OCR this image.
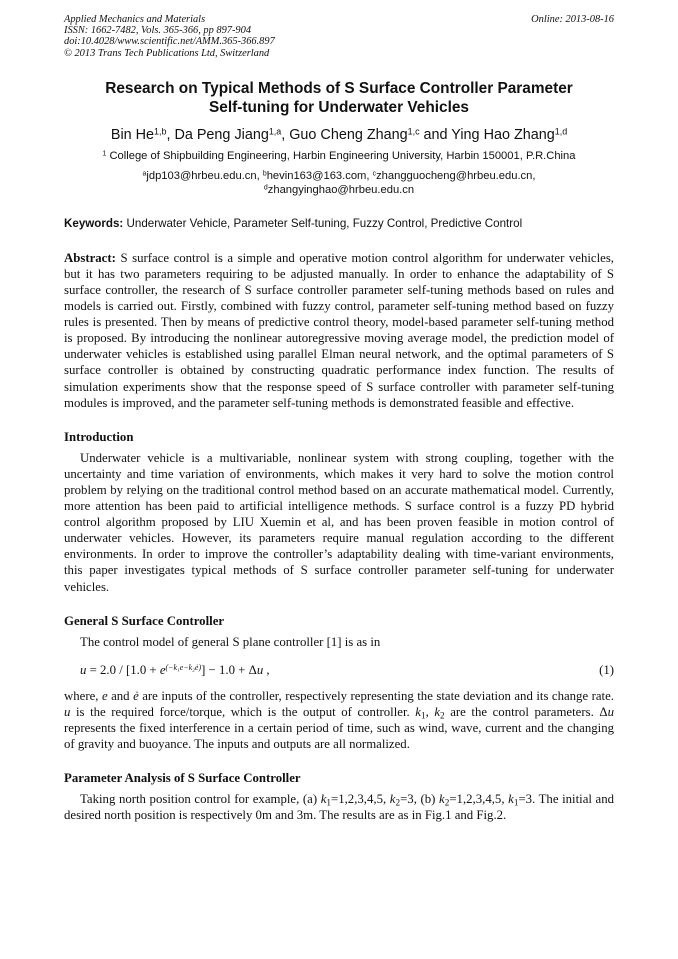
Applied Mechanics and Materials
ISSN: 1662-7482, Vols. 365-366, pp 897-904
doi:10.4028/www.scientific.net/AMM.365-366.897
© 2013 Trans Tech Publications Ltd, Switzerland
Online: 2013-08-16
Research on Typical Methods of S Surface Controller Parameter
Self-tuning for Underwater Vehicles
Bin He$^{1,b}$, Da Peng Jiang$^{1,a}$, Guo Cheng Zhang$^{1,c}$ and Ying Hao Zhang$^{1,d}$
$^1$ College of Shipbuilding Engineering, Harbin Engineering University, Harbin 150001, P.R.China
$^a$jdp103@hrbeu.edu.cn, $^b$hevin163@163.com, $^c$zhangguocheng@hrbeu.edu.cn,
$^d$zhangyinghao@hrbeu.edu.cn
Keywords: Underwater Vehicle, Parameter Self-tuning, Fuzzy Control, Predictive Control
Abstract: S surface control is a simple and operative motion control algorithm for underwater vehicles, but it has two parameters requiring to be adjusted manually. In order to enhance the adaptability of S surface controller, the research of S surface controller parameter self-tuning methods based on rules and models is carried out. Firstly, combined with fuzzy control, parameter self-tuning method based on fuzzy rules is presented. Then by means of predictive control theory, model-based parameter self-tuning method is proposed. By introducing the nonlinear autoregressive moving average model, the prediction model of underwater vehicles is established using parallel Elman neural network, and the optimal parameters of S surface controller is obtained by constructing quadratic performance index function. The results of simulation experiments show that the response speed of S surface controller with parameter self-tuning modules is improved, and the parameter self-tuning methods is demonstrated feasible and effective.
Introduction

Underwater vehicle is a multivariable, nonlinear system with strong coupling, together with the uncertainty and time variation of environments, which makes it very hard to solve the motion control problem by relying on the traditional control method based on an accurate mathematical model. Currently, more attention has been paid to artificial intelligence methods. S surface control is a fuzzy PD hybrid control algorithm proposed by LIU Xuemin et al, and has been proven feasible in motion control of underwater vehicles. However, its parameters require manual regulation according to the different environments. In order to improve the controller’s adaptability dealing with time-variant environments, this paper investigates typical methods of S surface controller parameter self-tuning for underwater vehicles.

General S Surface Controller

The control model of general S plane controller [1] is as in

$u = 2.0 / [1.0 + e^{(-k_1e-k_2ė)}] - 1.0 + \Delta u$ ,	(1)

where, e and ė are inputs of the controller, respectively representing the state deviation and its change rate. u is the required force/torque, which is the output of controller. $k_1$, $k_2$ are the control parameters. Δu represents the fixed interference in a certain period of time, such as wind, wave, current and the changing of gravity and buoyance. The inputs and outputs are all normalized.

Parameter Analysis of S Surface Controller

Taking north position control for example, (a) $k_1=1,2,3,4,5$, $k_2=3$, (b) $k_2=1,2,3,4,5$, $k_1=3$. The initial and desired north position is respectively 0m and 3m. The results are as in Fig.1 and Fig.2.
